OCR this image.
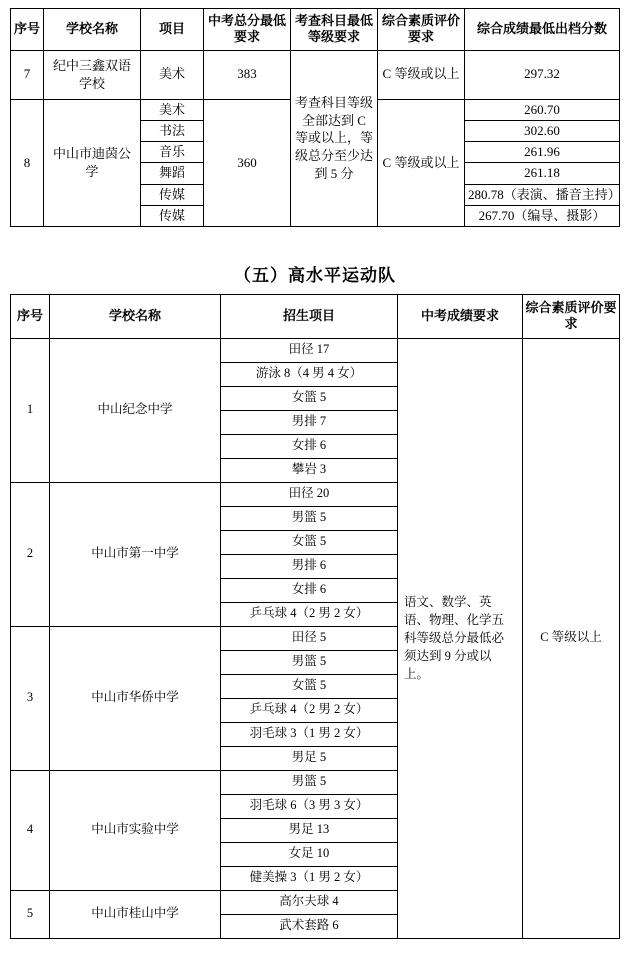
序号	学校名称	项目	中考总分最低要求	考查科目最低等级要求	综合素质评价要求	综合成绩最低出档分数
7	纪中三鑫双语学校	美术	383	考查科目等级全部达到 C 等或以上，等级总分至少达到 5 分	C 等级或以上	297.32
8	中山市迪茵公学	美术	360		C 等级或以上	260.70
		书法				302.60
		音乐				261.96
		舞蹈				261.18
		传媒				280.78（表演、播音主持）
		传媒				267.70（编导、摄影）
（五）高水平运动队
序号	学校名称	招生项目	中考成绩要求	综合素质评价要求
1	中山纪念中学	田径 17	语文、数学、英语、物理、化学五科等级总分最低必须达到 9 分或以上。	C 等级以上
		游泳 8（4 男 4 女）		
		女篮 5		
		男排 7		
		女排 6		
		攀岩 3		
2	中山市第一中学	田径 20		
		男篮 5		
		女篮 5		
		男排 6		
		女排 6		
		乒乓球 4（2 男 2 女）		
3	中山市华侨中学	田径 5		
		男篮 5		
		女篮 5		
		乒乓球 4（2 男 2 女）		
		羽毛球 3（1 男 2 女）		
		男足 5		
4	中山市实验中学	男篮 5		
		羽毛球 6（3 男 3 女）		
		男足 13		
		女足 10		
		健美操 3（1 男 2 女）		
5	中山市桂山中学	高尔夫球 4		
		武术套路 6		
